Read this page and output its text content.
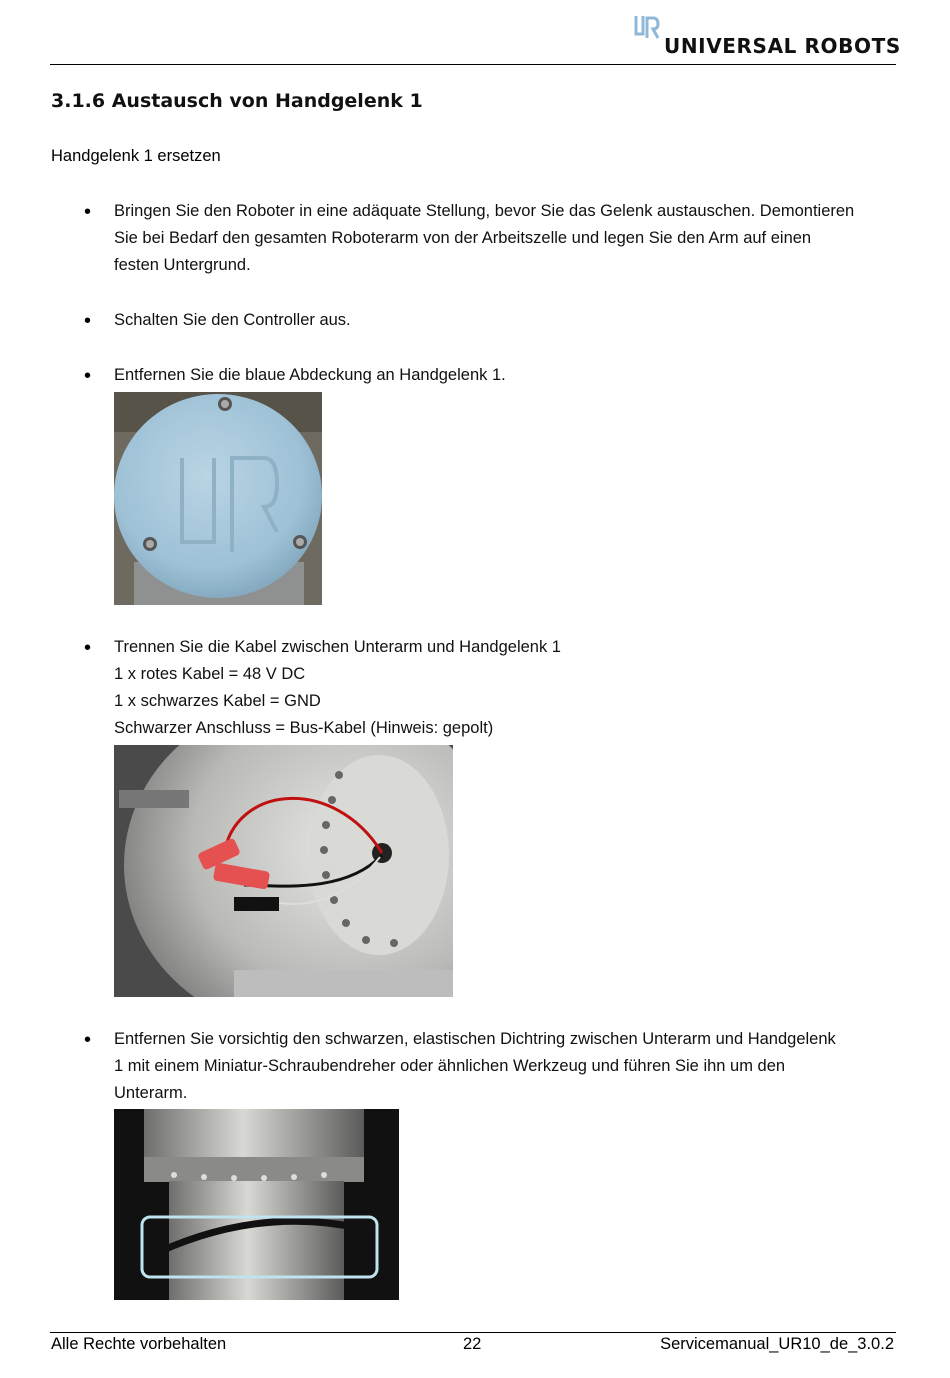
UNIVERSAL ROBOTS
3.1.6 Austausch von Handgelenk 1
Handgelenk 1 ersetzen
• Bringen Sie den Roboter in eine adäquate Stellung, bevor Sie das Gelenk austauschen. Demontieren
Sie bei Bedarf den gesamten Roboterarm von der Arbeitszelle und legen Sie den Arm auf einen
festen Untergrund.
• Schalten Sie den Controller aus.
• Entfernen Sie die blaue Abdeckung an Handgelenk 1.
• Trennen Sie die Kabel zwischen Unterarm und Handgelenk 1
1 x rotes Kabel = 48 V DC
1 x schwarzes Kabel = GND
Schwarzer Anschluss = Bus-Kabel (Hinweis: gepolt)
• Entfernen Sie vorsichtig den schwarzen, elastischen Dichtring zwischen Unterarm und Handgelenk
1 mit einem Miniatur-Schraubendreher oder ähnlichen Werkzeug und führen Sie ihn um den
Unterarm.
Alle Rechte vorbehalten	22	Servicemanual_UR10_de_3.0.2
